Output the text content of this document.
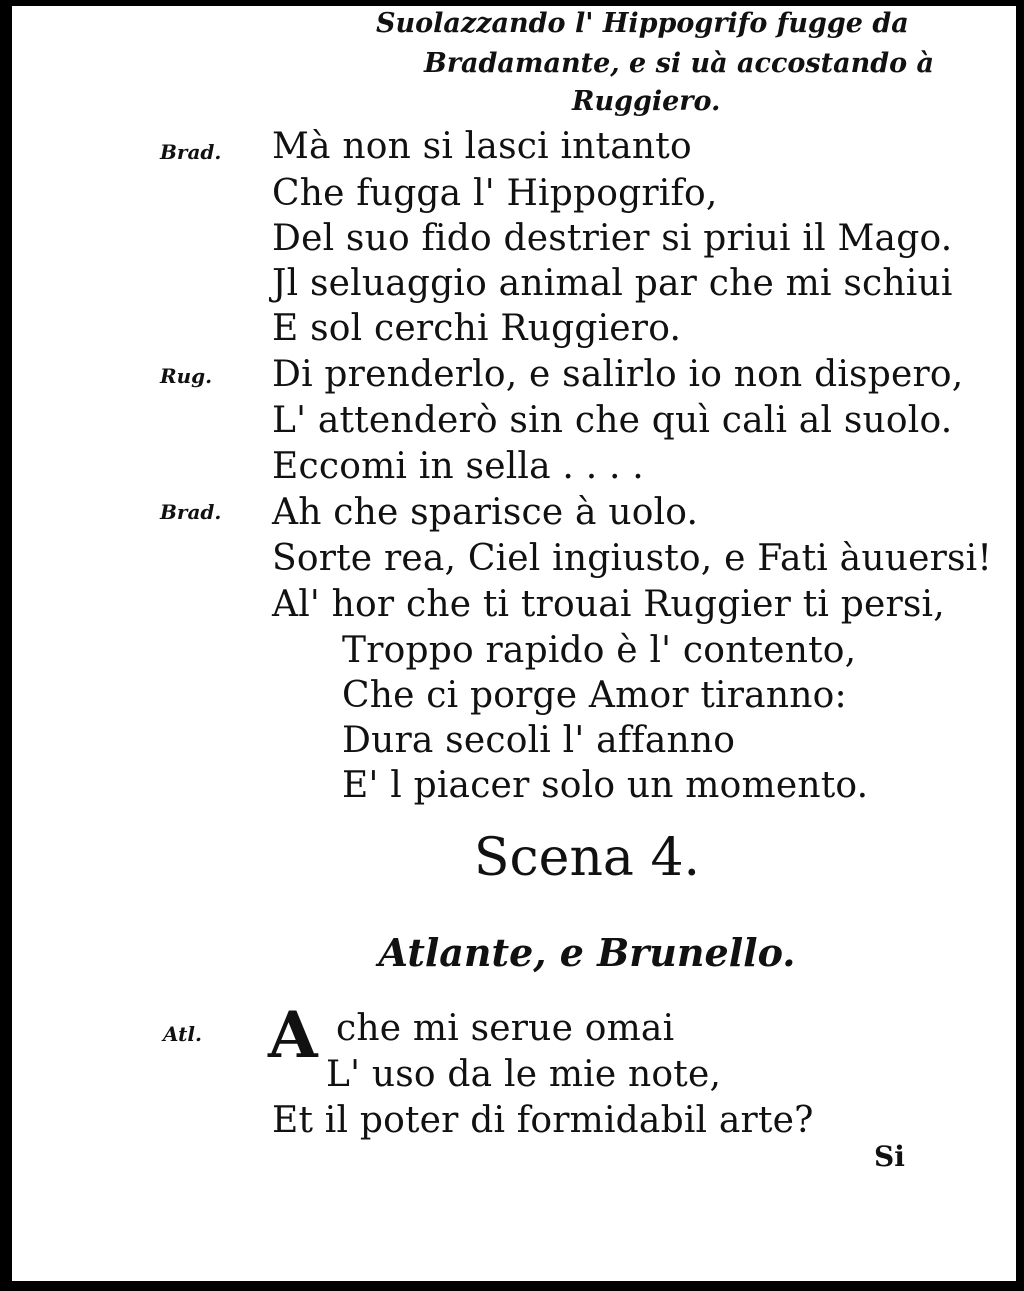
Suolazzando l' Hippogrifo fugge da
Bradamante, e si uà accostando à
Ruggiero.
Brad.
Rug.
Brad.
Atl.
Mà non si lasci intanto
Che fugga l' Hippogrifo,
Del suo fido destrier si priui il Mago.
Jl seluaggio animal par che mi schiui
E sol cerchi Ruggiero.
Di prenderlo, e salirlo io non dispero,
L' attenderò sin che quì cali al suolo.
Eccomi in sella . . . .
Ah che sparisce à uolo.
Sorte rea, Ciel ingiusto, e Fati àuuersi!
Al' hor che ti trouai Ruggier ti persi,
Troppo rapido è l' contento,
Che ci porge Amor tiranno:
Dura secoli l' affanno
E' l piacer solo un momento.
Scena 4.
Atlante, e Brunello.
A che mi serue omai
L' uso da le mie note,
Et il poter di formidabil arte?
Si
